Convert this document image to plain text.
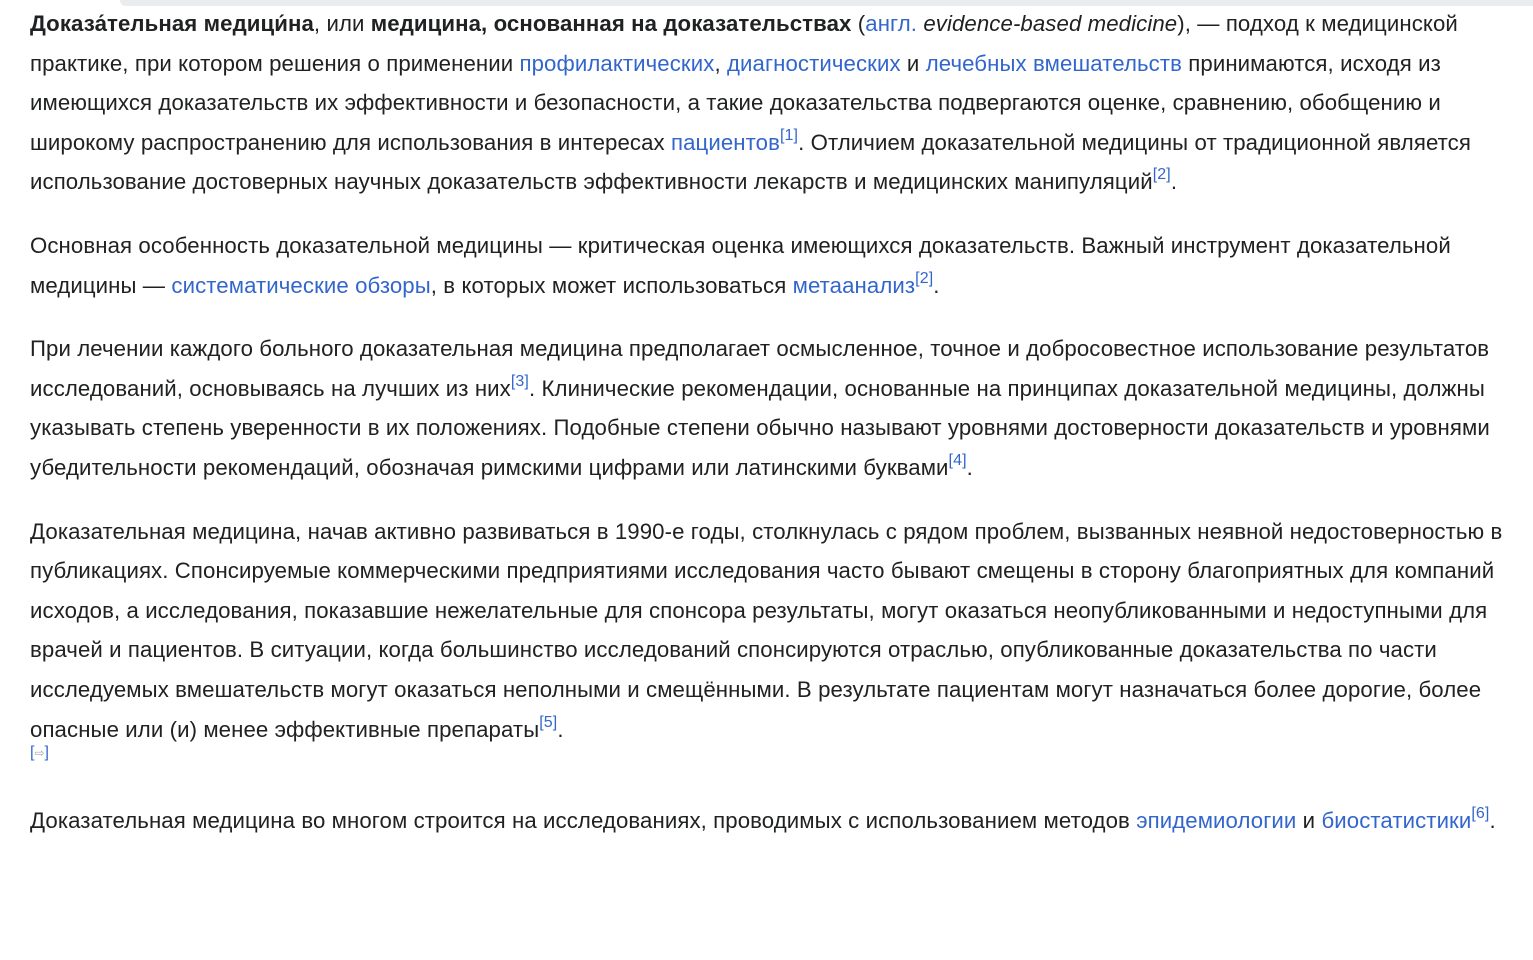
Доказа́тельная медици́на, или медицина, основанная на доказательствах (англ. evidence-based medicine), — подход к медицинской практике, при котором решения о применении профилактических, диагностических и лечебных вмешательств принимаются, исходя из имеющихся доказательств их эффективности и безопасности, а такие доказательства подвергаются оценке, сравнению, обобщению и широкому распространению для использования в интересах пациентов[1]. Отличием доказательной медицины от традиционной является использование достоверных научных доказательств эффективности лекарств и медицинских манипуляций[2].

Основная особенность доказательной медицины — критическая оценка имеющихся доказательств. Важный инструмент доказательной медицины — систематические обзоры, в которых может использоваться метаанализ[2].

При лечении каждого больного доказательная медицина предполагает осмысленное, точное и добросовестное использование результатов исследований, основываясь на лучших из них[3]. Клинические рекомендации, основанные на принципах доказательной медицины, должны указывать степень уверенности в их положениях. Подобные степени обычно называют уровнями достоверности доказательств и уровнями убедительности рекомендаций, обозначая римскими цифрами или латинскими буквами[4].

Доказательная медицина, начав активно развиваться в 1990-е годы, столкнулась с рядом проблем, вызванных неявной недостоверностью в публикациях. Спонсируемые коммерческими предприятиями исследования часто бывают смещены в сторону благоприятных для компаний исходов, а исследования, показавшие нежелательные для спонсора результаты, могут оказаться неопубликованными и недоступными для врачей и пациентов. В ситуации, когда большинство исследований спонсируются отраслью, опубликованные доказательства по части исследуемых вмешательств могут оказаться неполными и смещёнными. В результате пациентам могут назначаться более дорогие, более опасные или (и) менее эффективные препараты[5].

[⇨]

Доказательная медицина во многом строится на исследованиях, проводимых с использованием методов эпидемиологии и биостатистики[6].
